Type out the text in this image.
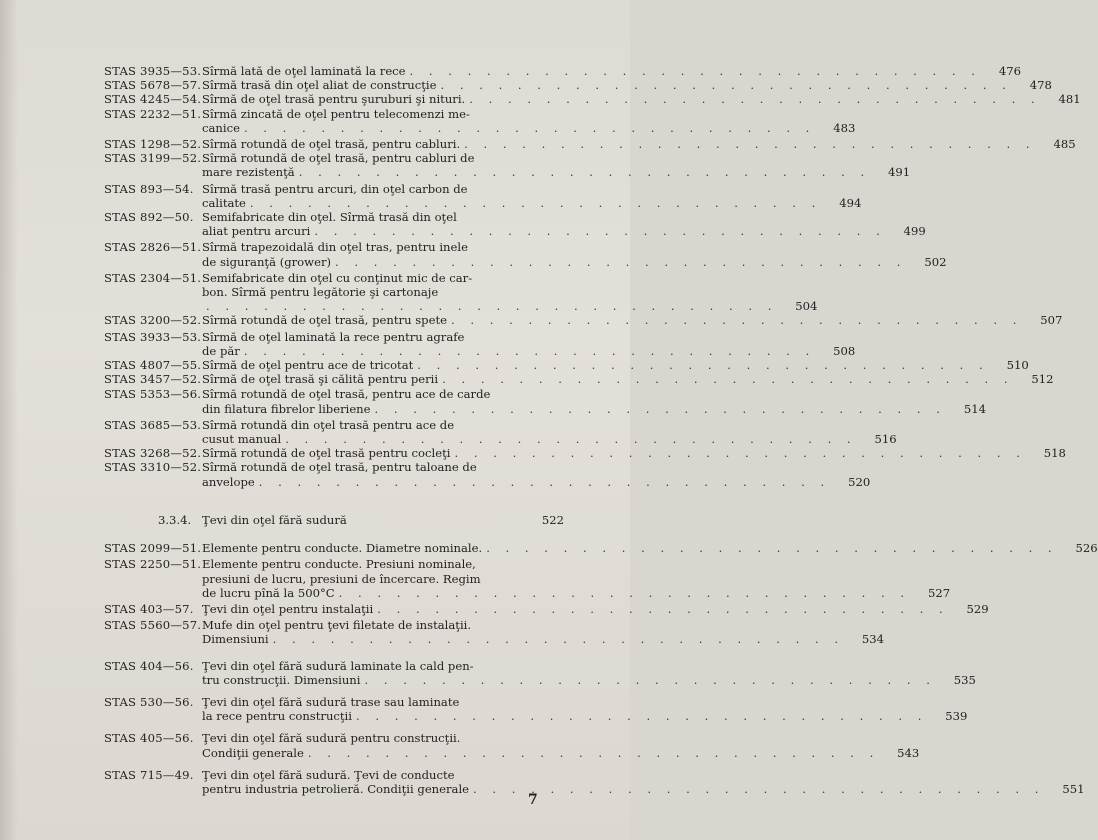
STAS 3935—53. Sîrmă lată de oţel laminată la rece . . . . . . . . . . . . . . . . . . . . . . . . . . . . . .	476
STAS 5678—57. Sîrmă trasă din oţel aliat de construcţie . . . . . . . . . . . . . . . . . . . . . . . . . . . . . .	478
STAS 4245—54. Sîrmă de oţel trasă pentru şuruburi şi nituri. . . . . . . . . . . . . . . . . . . . . . . . . . . . . . .	481
STAS 2232—51. Sîrmă zincată de oţel pentru telecomenzi me-
canice . . . . . . . . . . . . . . . . . . . . . . . . . . . . . .	483
STAS 1298—52. Sîrmă rotundă de oţel trasă, pentru cabluri. . . . . . . . . . . . . . . . . . . . . . . . . . . . . . .	485
STAS 3199—52. Sîrmă rotundă de oţel trasă, pentru cabluri de
mare rezistenţă . . . . . . . . . . . . . . . . . . . . . . . . . . . . . .	491
STAS 893—54. Sîrmă trasă pentru arcuri, din oţel carbon de
calitate . . . . . . . . . . . . . . . . . . . . . . . . . . . . . .	494
STAS 892—50. Semifabricate din oţel. Sîrmă trasă din oţel
aliat pentru arcuri . . . . . . . . . . . . . . . . . . . . . . . . . . . . . .	499
STAS 2826—51. Sîrmă trapezoidală din oţel tras, pentru inele
de siguranţă (grower) . . . . . . . . . . . . . . . . . . . . . . . . . . . . . .	502
STAS 2304—51. Semifabricate din oţel cu conţinut mic de car-
bon. Sîrmă pentru legătorie şi cartonaje
. . . . . . . . . . . . . . . . . . . . . . . . . . . . . .	504
STAS 3200—52. Sîrmă rotundă de oţel trasă, pentru spete . . . . . . . . . . . . . . . . . . . . . . . . . . . . . .	507
STAS 3933—53. Sîrmă de oţel laminată la rece pentru agrafe
de păr . . . . . . . . . . . . . . . . . . . . . . . . . . . . . .	508
STAS 4807—55. Sîrmă de oţel pentru ace de tricotat . . . . . . . . . . . . . . . . . . . . . . . . . . . . . .	510
STAS 3457—52. Sîrmă de oţel trasă şi călită pentru perii . . . . . . . . . . . . . . . . . . . . . . . . . . . . . .	512
STAS 5353—56. Sîrmă rotundă de oţel trasă, pentru ace de carde
din filatura fibrelor liberiene . . . . . . . . . . . . . . . . . . . . . . . . . . . . . .	514
STAS 3685—53. Sîrmă rotundă din oţel trasă pentru ace de
cusut manual . . . . . . . . . . . . . . . . . . . . . . . . . . . . . .	516
STAS 3268—52. Sîrmă rotundă de oţel trasă pentru cocleţi . . . . . . . . . . . . . . . . . . . . . . . . . . . . . .	518
STAS 3310—52. Sîrmă rotundă de oţel trasă, pentru taloane de
anvelope . . . . . . . . . . . . . . . . . . . . . . . . . . . . . .	520
3.3.4. Ţevi din oţel fără sudură	522
STAS 2099—51. Elemente pentru conducte. Diametre nominale. . . . . . . . . . . . . . . . . . . . . . . . . . . . . . .	526
STAS 2250—51. Elemente pentru conducte. Presiuni nominale,
presiuni de lucru, presiuni de încercare. Regim
de lucru pînă la 500°C . . . . . . . . . . . . . . . . . . . . . . . . . . . . . .	527
STAS 403—57. Ţevi din oţel pentru instalaţii . . . . . . . . . . . . . . . . . . . . . . . . . . . . . .	529
STAS 5560—57. Mufe din oţel pentru ţevi filetate de instalaţii.
Dimensiuni . . . . . . . . . . . . . . . . . . . . . . . . . . . . . .	534
STAS 404—56. Ţevi din oţel fără sudură laminate la cald pen-
tru construcţii. Dimensiuni . . . . . . . . . . . . . . . . . . . . . . . . . . . . . .	535
STAS 530—56. Ţevi din oţel fără sudură trase sau laminate
la rece pentru construcţii . . . . . . . . . . . . . . . . . . . . . . . . . . . . . .	539
STAS 405—56. Ţevi din oţel fără sudură pentru construcţii.
Condiţii generale . . . . . . . . . . . . . . . . . . . . . . . . . . . . . .	543
STAS 715—49. Ţevi din oţel fără sudură. Ţevi de conducte
pentru industria petrolieră. Condiţii generale . . . . . . . . . . . . . . . . . . . . . . . . . . . . . .	551
7
